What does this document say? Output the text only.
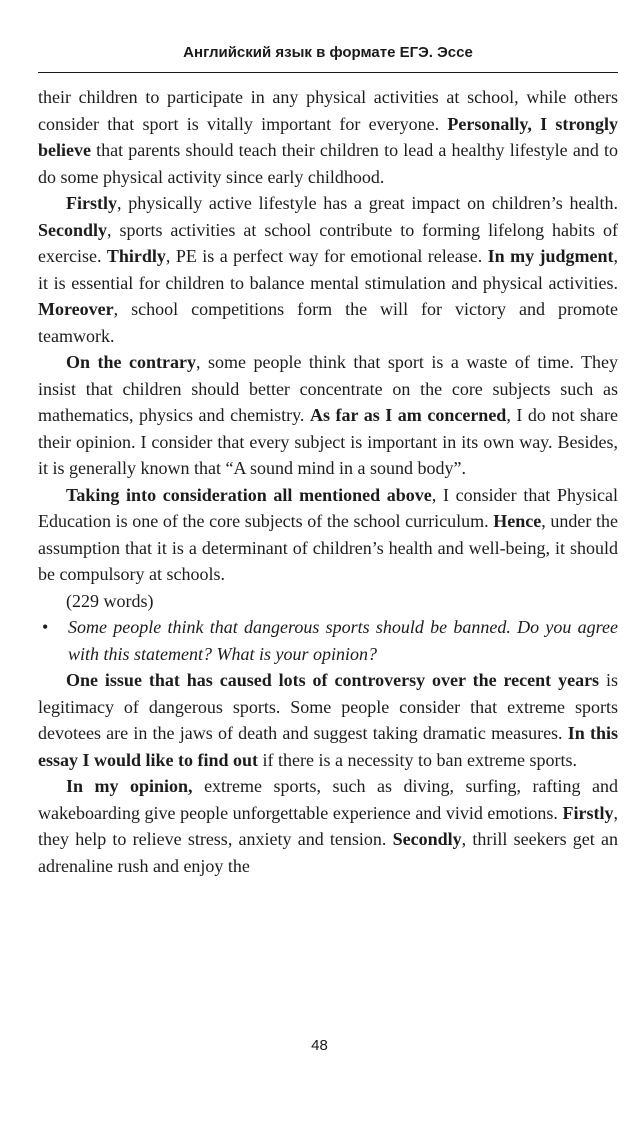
Английский язык в формате ЕГЭ. Эссе

their children to participate in any physical activities at school, while others consider that sport is vitally important for everyone. Personally, I strongly believe that parents should teach their children to lead a healthy lifestyle and to do some physical activity since early childhood.

Firstly, physically active lifestyle has a great impact on children’s health. Secondly, sports activities at school contribute to forming lifelong habits of exercise. Thirdly, PE is a perfect way for emotional release. In my judgment, it is essential for children to balance mental stimulation and physical activities. Moreover, school competitions form the will for victory and promote teamwork.

On the contrary, some people think that sport is a waste of time. They insist that children should better concentrate on the core subjects such as mathematics, physics and chemistry. As far as I am concerned, I do not share their opinion. I consider that every subject is important in its own way. Besides, it is generally known that “A sound mind in a sound body”.

Taking into consideration all mentioned above, I consider that Physical Education is one of the core subjects of the school curriculum. Hence, under the assumption that it is a determinant of children’s health and well-being, it should be compulsory at schools.

(229 words)

• Some people think that dangerous sports should be banned. Do you agree with this statement? What is your opinion?

One issue that has caused lots of controversy over the recent years is legitimacy of dangerous sports. Some people consider that extreme sports devotees are in the jaws of death and suggest taking dramatic measures. In this essay I would like to find out if there is a necessity to ban extreme sports.

In my opinion, extreme sports, such as diving, surfing, rafting and wakeboarding give people unforgettable experience and vivid emotions. Firstly, they help to relieve stress, anxiety and tension. Secondly, thrill seekers get an adrenaline rush and enjoy the

48
